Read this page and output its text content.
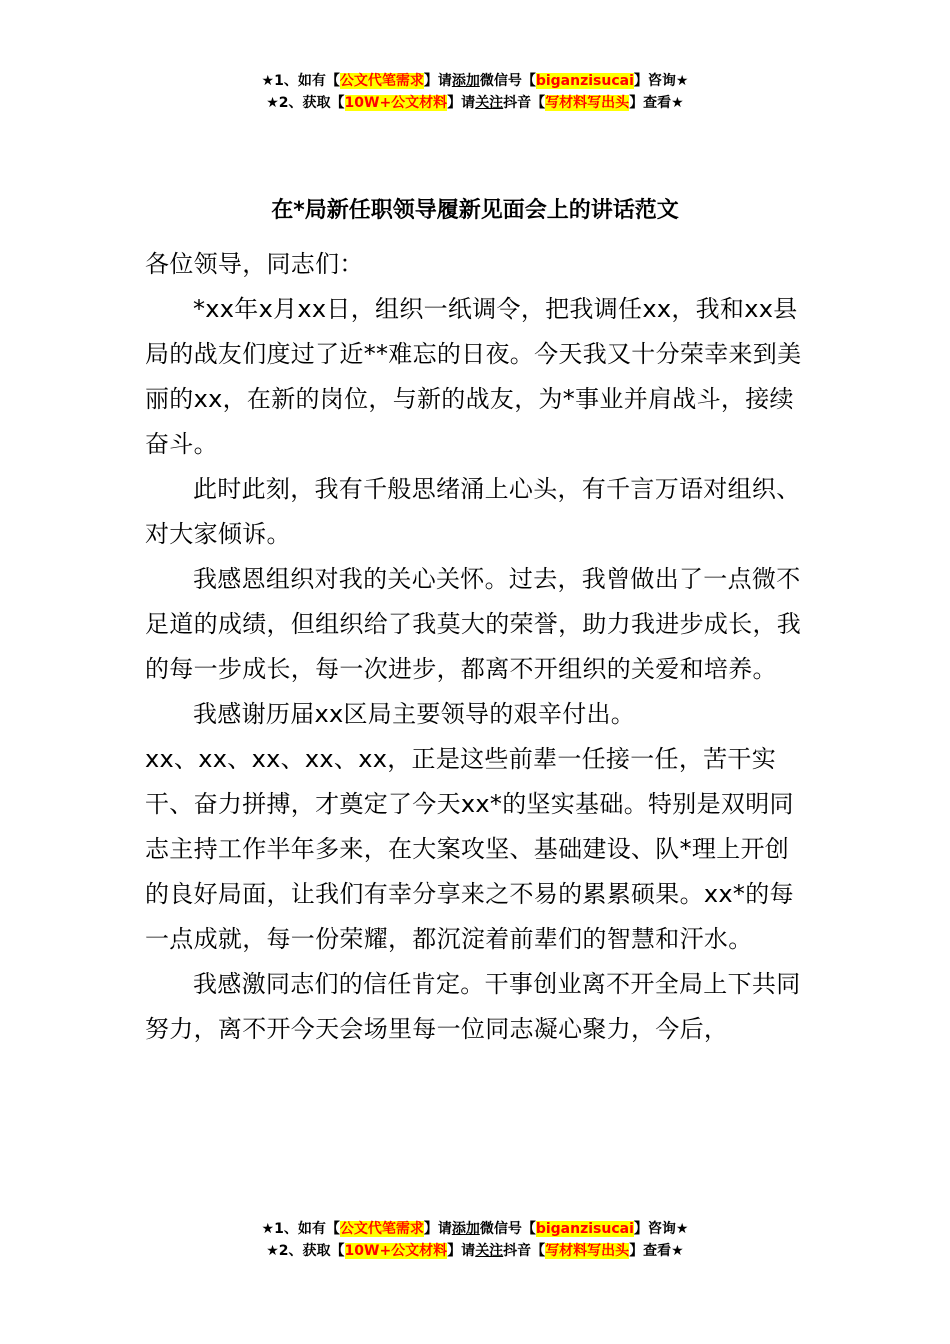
★1、如有【公文代笔需求】请添加微信号【biganzisucai】咨询★
★2、获取【10W+公文材料】请关注抖音【写材料写出头】查看★
在*局新任职领导履新见面会上的讲话范文

各位领导，同志们：

*xx年x月xx日，组织一纸调令，把我调任xx，我和xx县局的战友们度过了近**难忘的日夜。今天我又十分荣幸来到美丽的xx，在新的岗位，与新的战友，为*事业并肩战斗，接续奋斗。

此时此刻，我有千般思绪涌上心头，有千言万语对组织、对大家倾诉。

我感恩组织对我的关心关怀。过去，我曾做出了一点微不足道的成绩，但组织给了我莫大的荣誉，助力我进步成长，我的每一步成长，每一次进步，都离不开组织的关爱和培养。

我感谢历届xx区局主要领导的艰辛付出。

xx、xx、xx、xx、xx，正是这些前辈一任接一任，苦干实干、奋力拼搏，才奠定了今天xx*的坚实基础。特别是双明同志主持工作半年多来，在大案攻坚、基础建设、队*理上开创的良好局面，让我们有幸分享来之不易的累累硕果。xx*的每一点成就，每一份荣耀，都沉淀着前辈们的智慧和汗水。

我感激同志们的信任肯定。干事创业离不开全局上下共同努力，离不开今天会场里每一位同志凝心聚力，今后，

★1、如有【公文代笔需求】请添加微信号【biganzisucai】咨询★
★2、获取【10W+公文材料】请关注抖音【写材料写出头】查看★
